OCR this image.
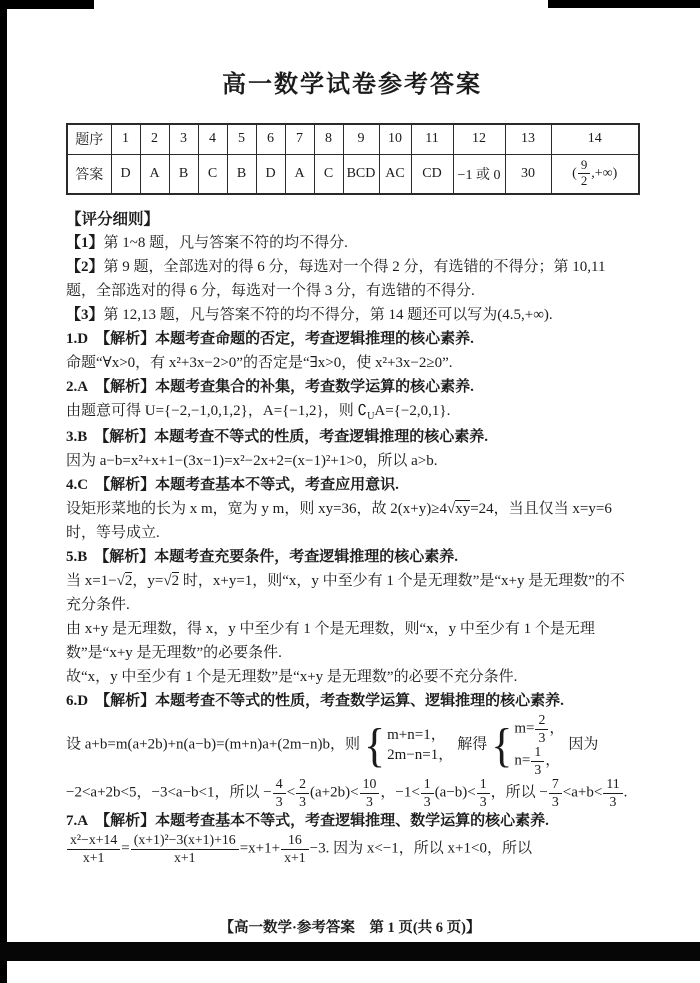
高一数学试卷参考答案
题序	1	2	3	4	5	6	7	8	9	10	11	12	13	14
答案	D	A	B	C	B	D	A	C	BCD	AC	CD	−1 或 0	30	( $\frac{9}{2}$ ,+∞)

【评分细则】

【1】第 1~8 题，凡与答案不符的均不得分.

【2】第 9 题，全部选对的得 6 分，每选对一个得 2 分，有选错的不得分；第 10,11 题，全部选对的得 6 分，每选对一个得 3 分，有选错的不得分.

【3】第 12,13 题，凡与答案不符的均不得分，第 14 题还可以写为(4.5,+∞).

1.D 【解析】本题考查命题的否定，考查逻辑推理的核心素养.

命题“∀x>0，有 x²+3x−2>0”的否定是“∃x>0，使 x²+3x−2≥0”.

2.A 【解析】本题考查集合的补集，考查数学运算的核心素养.

由题意可得 U={−2,−1,0,1,2}，A={−1,2}，则 $∁_UA=\{-2,0,1\}$.

3.B 【解析】本题考查不等式的性质，考查逻辑推理的核心素养.

因为 a−b=x²+x+1−(3x−1)=x²−2x+2=(x−1)²+1>0，所以 a>b.

4.C 【解析】本题考查基本不等式，考查应用意识.

设矩形菜地的长为 x m，宽为 y m，则 xy=36，故 2(x+y)≥4√xy=24，当且仅当 x=y=6 时，等号成立.

5.B 【解析】本题考查充要条件，考查逻辑推理的核心素养.

当 x=1−√2，y=√2 时，x+y=1，则“x，y 中至少有 1 个是无理数”是“x+y 是无理数”的不充分条件.

由 x+y 是无理数，得 x，y 中至少有 1 个是无理数，则“x，y 中至少有 1 个是无理数”是“x+y 是无理数”的必要条件.

故“x，y 中至少有 1 个是无理数”是“x+y 是无理数”的必要不充分条件.

6.D 【解析】本题考查不等式的性质，考查数学运算、逻辑推理的核心素养.

设 a+b=m(a+2b)+n(a−b)=(m+n)a+(2m−n)b，则 { m+n=1，
2m−n=1，
解得 { $m= \frac{2}{3}$ ，
$n= \frac{1}{3}$ ，
因为

−2<a+2b<5，−3<a−b<1，所以 − $\frac{4}{3} < \frac{2}{3} (a+2b)< \frac{10}{3}$ ，$-1< \frac{1}{3} (a-b)< \frac{1}{3}$ ，所以 − $\frac{7}{3} <a+b< \frac{11}{3}$ .

7.A 【解析】本题考查基本不等式，考查逻辑推理、数学运算的核心素养.

$\frac{\text{x²−x+14}}{x+1} = \frac{\text{(x+1)²−3(x+1)+16}}{x+1} =x+1+ \frac{16}{x+1} -3$. 因为 x<−1，所以 x+1<0，所以

【高一数学·参考答案　第 1 页(共 6 页)】
